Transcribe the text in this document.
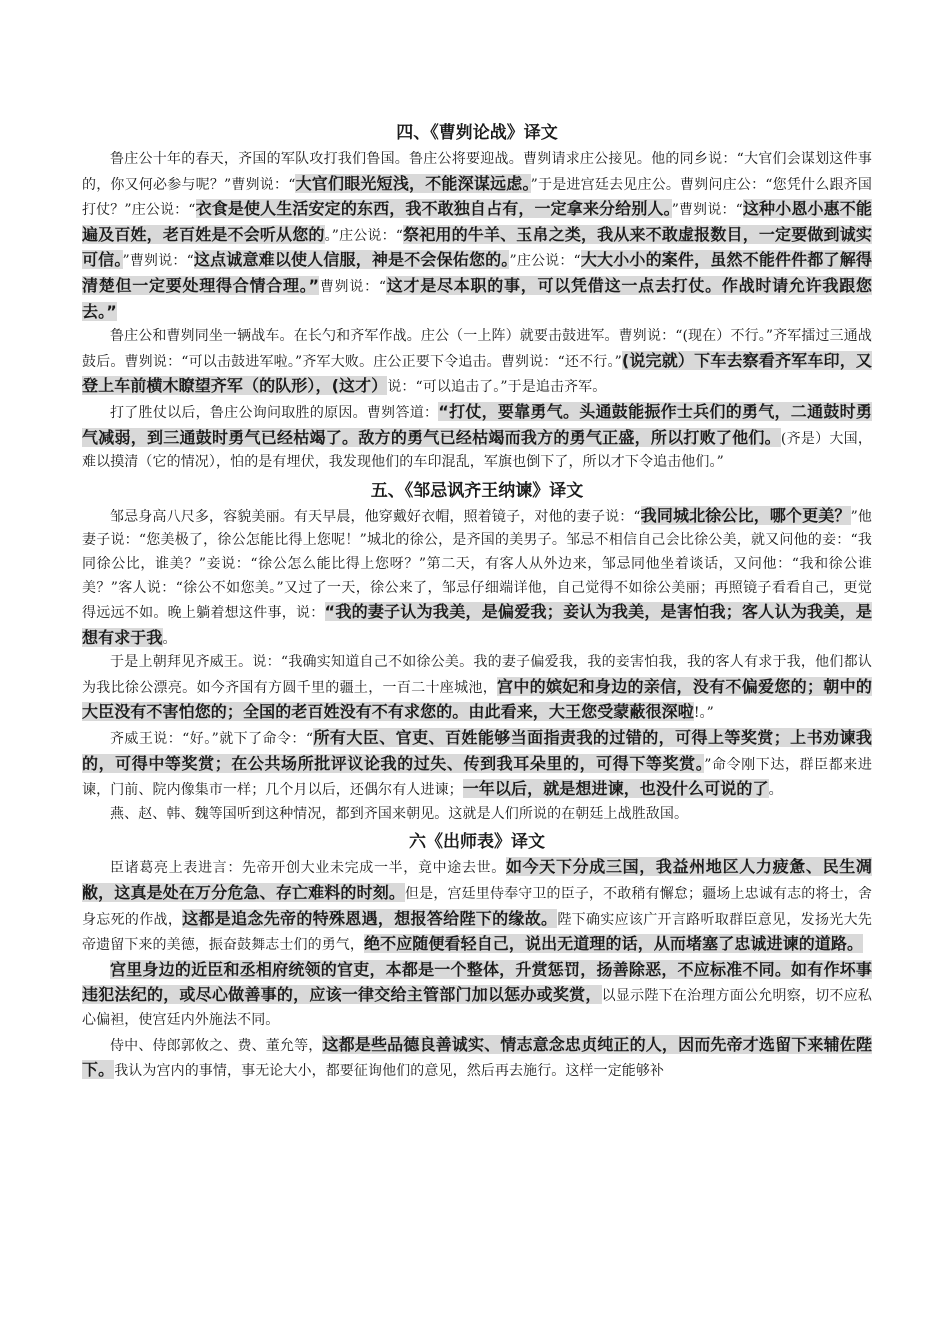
四、《曹刿论战》译文

鲁庄公十年的春天，齐国的军队攻打我们鲁国。鲁庄公将要迎战。曹刿请求庄公接见。他的同乡说：“大官们会谋划这件事的，你又何必参与呢？”曹刿说：“大官们眼光短浅，不能深谋远虑。”于是进宫廷去见庄公。曹刿问庄公：“您凭什么跟齐国打仗？”庄公说：“衣食是使人生活安定的东西，我不敢独自占有，一定拿来分给别人。”曹刿说：“这种小恩小惠不能遍及百姓，老百姓是不会听从您的。”庄公说：“祭祀用的牛羊、玉帛之类，我从来不敢虚报数目，一定要做到诚实可信。”曹刿说：“这点诚意难以使人信服，神是不会保佑您的。”庄公说：“大大小小的案件，虽然不能件件都了解得清楚但一定要处理得合情合理。”曹刿说：“这才是尽本职的事，可以凭借这一点去打仗。作战时请允许我跟您去。”

鲁庄公和曹刿同坐一辆战车。在长勺和齐军作战。庄公（一上阵）就要击鼓进军。曹刿说：“(现在）不行。”齐军擂过三通战鼓后。曹刿说：“可以击鼓进军啦。”齐军大败。庄公正要下令追击。曹刿说：“还不行。”(说完就）下车去察看齐军车印，又登上车前横木瞭望齐军（的队形），(这才）说：“可以追击了。”于是追击齐军。

打了胜仗以后，鲁庄公询问取胜的原因。曹刿答道：“打仗，要靠勇气。头通鼓能振作士兵们的勇气，二通鼓时勇气减弱，到三通鼓时勇气已经枯竭了。敌方的勇气已经枯竭而我方的勇气正盛，所以打败了他们。(齐是）大国，难以摸清（它的情况），怕的是有埋伏，我发现他们的车印混乱，军旗也倒下了，所以才下令追击他们。”

五、《邹忌讽齐王纳谏》译文

邹忌身高八尺多，容貌美丽。有天早晨，他穿戴好衣帽，照着镜子，对他的妻子说：“我同城北徐公比，哪个更美？”他妻子说：“您美极了，徐公怎能比得上您呢！”城北的徐公，是齐国的美男子。邹忌不相信自己会比徐公美，就又问他的妾：“我同徐公比，谁美？”妾说：“徐公怎么能比得上您呀？”第二天，有客人从外边来，邹忌同他坐着谈话，又问他：“我和徐公谁美？”客人说：“徐公不如您美。”又过了一天，徐公来了，邹忌仔细端详他，自己觉得不如徐公美丽；再照镜子看看自己，更觉得远远不如。晚上躺着想这件事，说：“我的妻子认为我美，是偏爱我；妾认为我美，是害怕我；客人认为我美，是想有求于我。

于是上朝拜见齐威王。说：“我确实知道自己不如徐公美。我的妻子偏爱我，我的妾害怕我，我的客人有求于我，他们都认为我比徐公漂亮。如今齐国有方圆千里的疆土，一百二十座城池，宫中的嫔妃和身边的亲信，没有不偏爱您的；朝中的大臣没有不害怕您的；全国的老百姓没有不有求您的。由此看来，大王您受蒙蔽很深啦!。”

齐威王说：“好。”就下了命令：“所有大臣、官吏、百姓能够当面指责我的过错的，可得上等奖赏；上书劝谏我的，可得中等奖赏；在公共场所批评议论我的过失、传到我耳朵里的，可得下等奖赏。”命令刚下达，群臣都来进谏，门前、院内像集市一样；几个月以后，还偶尔有人进谏；一年以后，就是想进谏，也没什么可说的了。

燕、赵、韩、魏等国听到这种情况，都到齐国来朝见。这就是人们所说的在朝廷上战胜敌国。

六《出师表》译文

臣诸葛亮上表进言：先帝开创大业未完成一半，竟中途去世。如今天下分成三国，我益州地区人力疲惫、民生凋敝，这真是处在万分危急、存亡难料的时刻。但是，宫廷里侍奉守卫的臣子，不敢稍有懈怠；疆场上忠诚有志的将士，舍身忘死的作战，这都是追念先帝的特殊恩遇，想报答给陛下的缘故。陛下确实应该广开言路听取群臣意见，发扬光大先帝遗留下来的美德，振奋鼓舞志士们的勇气，绝不应随便看轻自己，说出无道理的话，从而堵塞了忠诚进谏的道路。

宫里身边的近臣和丞相府统领的官吏，本都是一个整体，升赏惩罚，扬善除恶，不应标准不同。如有作坏事违犯法纪的，或尽心做善事的，应该一律交给主管部门加以惩办或奖赏，以显示陛下在治理方面公允明察，切不应私心偏袒，使宫廷内外施法不同。

侍中、侍郎郭攸之、费、董允等，这都是些品德良善诚实、情志意念忠贞纯正的人，因而先帝才选留下来辅佐陛下。我认为宫内的事情，事无论大小，都要征询他们的意见，然后再去施行。这样一定能够补
